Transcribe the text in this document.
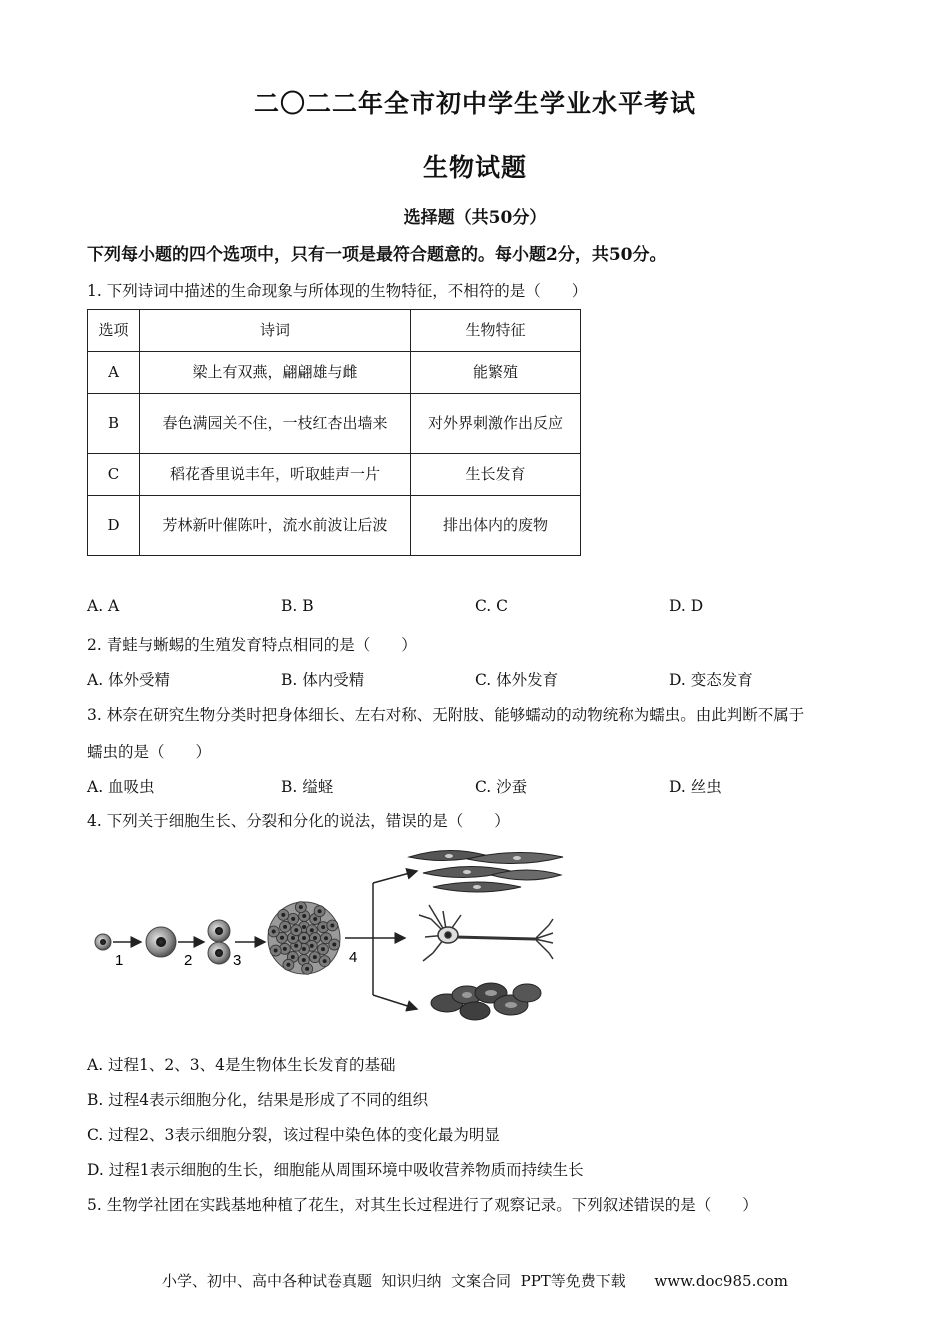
二〇二二年全市初中学生学业水平考试
生物试题
选择题（共50分）
下列每小题的四个选项中，只有一项是最符合题意的。每小题2分，共50分。
1. 下列诗词中描述的生命现象与所体现的生物特征，不相符的是（　　）
选项	诗词	生物特征
A	梁上有双燕，翩翩雄与雌	能繁殖
B	春色满园关不住，一枝红杏出墙来	对外界刺激作出反应
C	稻花香里说丰年，听取蛙声一片	生长发育
D	芳林新叶催陈叶，流水前波让后波	排出体内的废物
A. A	B. B	C. C	D. D
2. 青蛙与蜥蜴的生殖发育特点相同的是（　　）
A. 体外受精	B. 体内受精	C. 体外发育	D. 变态发育
3. 林奈在研究生物分类时把身体细长、左右对称、无附肢、能够蠕动的动物统称为蠕虫。由此判断不属于
蠕虫的是（　　）
A. 血吸虫	B. 缢蛏	C. 沙蚕	D. 丝虫
4. 下列关于细胞生长、分裂和分化的说法，错误的是（　　）
1	2	3	4
A. 过程1、2、3、4是生物体生长发育的基础
B. 过程4表示细胞分化，结果是形成了不同的组织
C. 过程2、3表示细胞分裂，该过程中染色体的变化最为明显
D. 过程1表示细胞的生长，细胞能从周围环境中吸收营养物质而持续生长
5. 生物学社团在实践基地种植了花生，对其生长过程进行了观察记录。下列叙述错误的是（　　）
小学、初中、高中各种试卷真题  知识归纳  文案合同  PPT等免费下载      www.doc985.com
